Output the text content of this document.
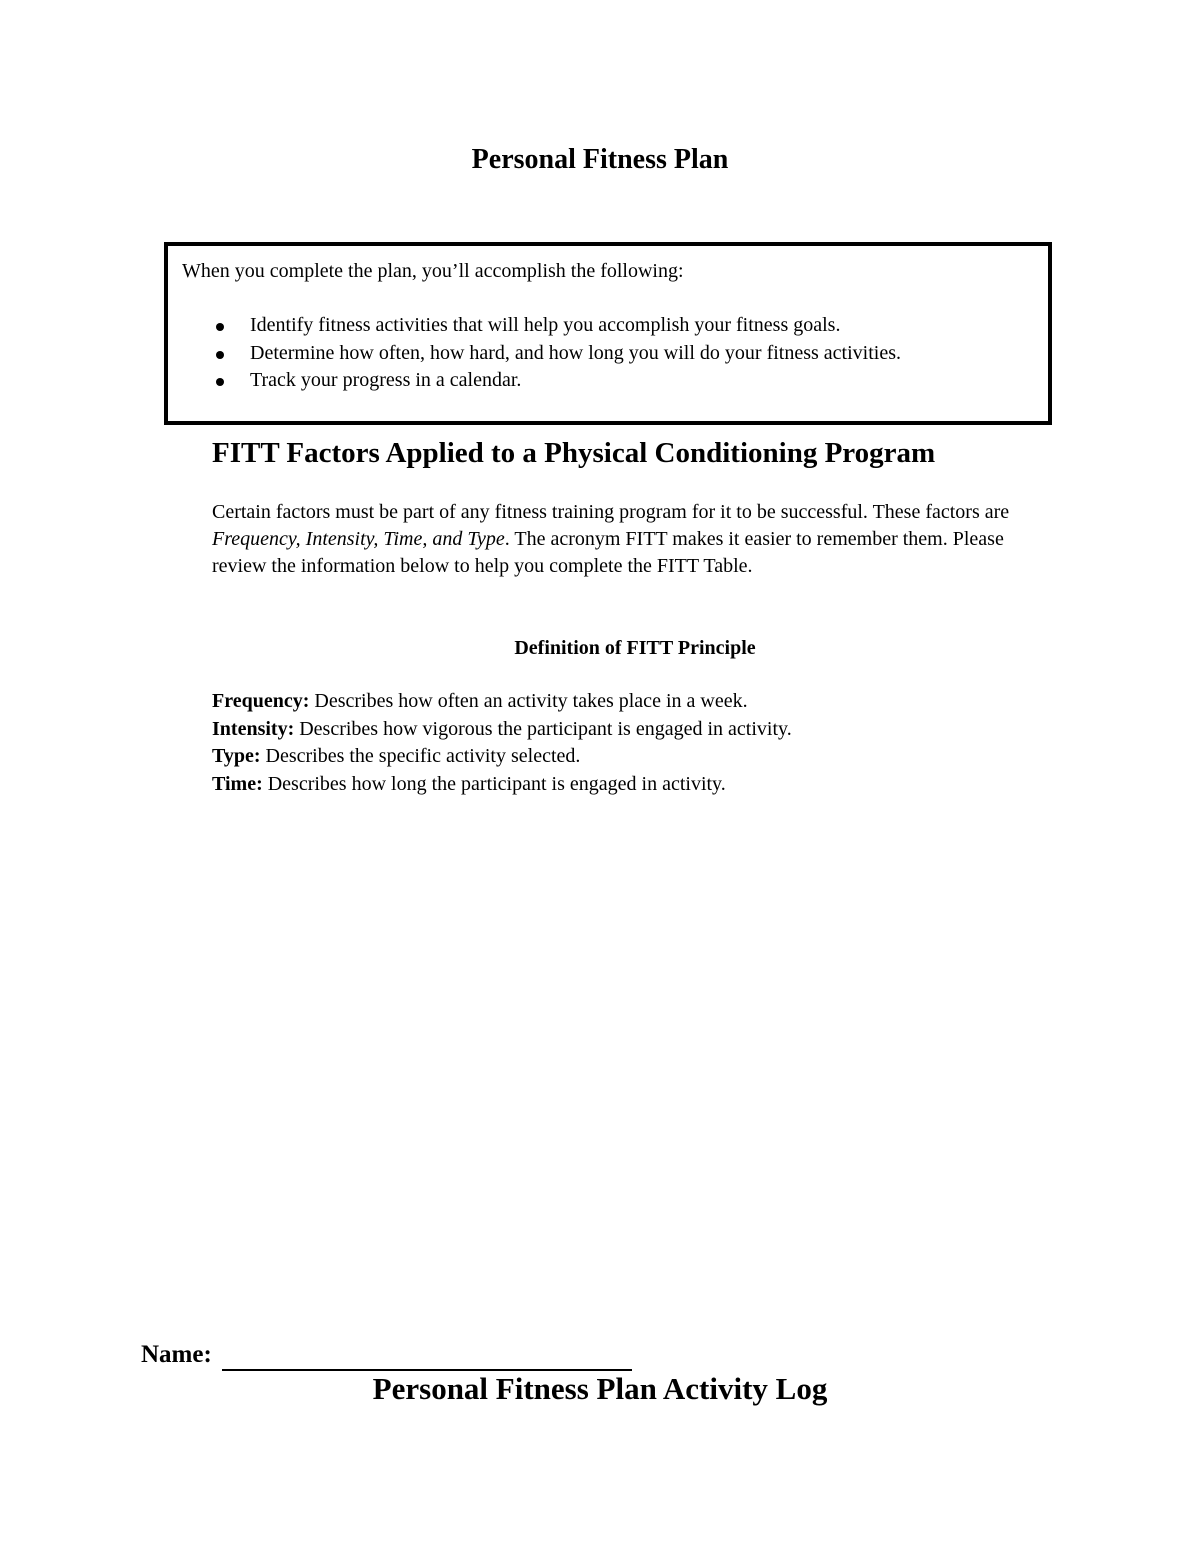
Personal Fitness Plan
When you complete the plan, you’ll accomplish the following:
Identify fitness activities that will help you accomplish your fitness goals.
Determine how often, how hard, and how long you will do your fitness activities.
Track your progress in a calendar.
FITT Factors Applied to a Physical Conditioning Program

Certain factors must be part of any fitness training program for it to be successful. These factors are Frequency, Intensity, Time, and Type. The acronym FITT makes it easier to remember them. Please review the information below to help you complete the FITT Table.

Definition of FITT Principle
Frequency: Describes how often an activity takes place in a week.
Intensity: Describes how vigorous the participant is engaged in activity.
Type: Describes the specific activity selected.
Time: Describes how long the participant is engaged in activity.
Name:
Personal Fitness Plan Activity Log
